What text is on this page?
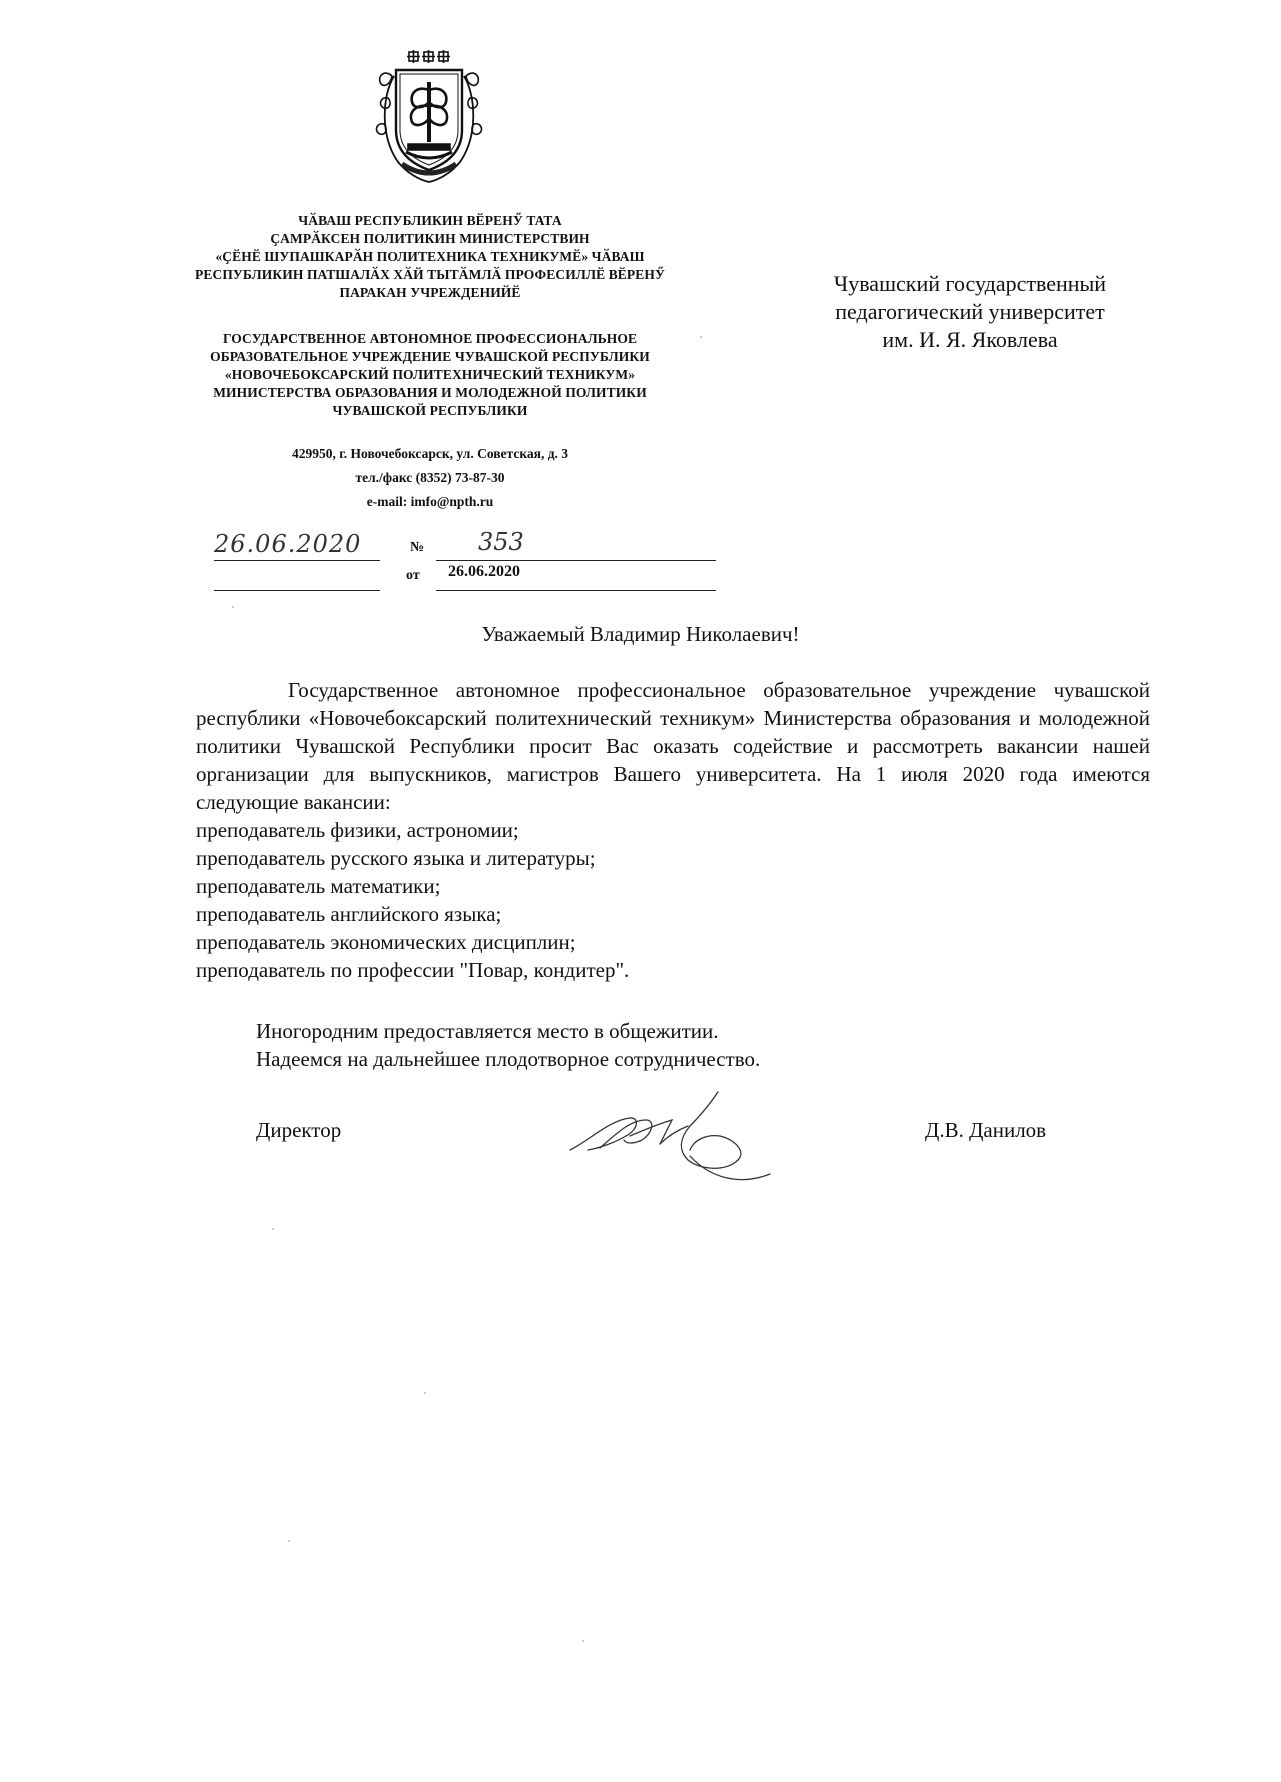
ЧӐВАШ РЕСПУБЛИКИН ВӖРЕНӲ ТАТА
ҪАМРӐКСЕН ПОЛИТИКИН МИНИСТЕРСТВИН
«ҪӖНӖ ШУПАШКАРӐН ПОЛИТЕХНИКА ТЕХНИКУМӖ» ЧӐВАШ
РЕСПУБЛИКИН ПАТШАЛӐХ ХӐЙ ТЫТӐМЛӐ ПРОФЕСИЛЛӖ ВӖРЕНӲ
ПАРАКАН УЧРЕЖДЕНИЙӖ
ГОСУДАРСТВЕННОЕ АВТОНОМНОЕ ПРОФЕССИОНАЛЬНОЕ
ОБРАЗОВАТЕЛЬНОЕ УЧРЕЖДЕНИЕ ЧУВАШСКОЙ РЕСПУБЛИКИ
«НОВОЧЕБОКСАРСКИЙ ПОЛИТЕХНИЧЕСКИЙ ТЕХНИКУМ»
МИНИСТЕРСТВА ОБРАЗОВАНИЯ И МОЛОДЕЖНОЙ ПОЛИТИКИ
ЧУВАШСКОЙ РЕСПУБЛИКИ
429950, г. Новочебоксарск, ул. Советская, д. 3
тел./факс (8352) 73-87-30
e-mail: imfo@npth.ru
26.06.2020	№ 353
от 26.06.2020
Чувашский государственный
педагогический университет
им. И. Я. Яковлева
Уважаемый Владимир Николаевич!

Государственное автономное профессиональное образовательное учреждение чувашской республики «Новочебоксарский политехнический техникум» Министерства образования и молодежной политики Чувашской Республики просит Вас оказать содействие и рассмотреть вакансии нашей организации для выпускников, магистров Вашего университета. На 1 июля 2020 года имеются следующие вакансии:

преподаватель физики, астрономии;
преподаватель русского языка и литературы;
преподаватель математики;
преподаватель английского языка;
преподаватель экономических дисциплин;
преподаватель по профессии "Повар, кондитер".
Иногородним предоставляется место в общежитии.
Надеемся на дальнейшее плодотворное сотрудничество.
Директор	Д.В. Данилов
